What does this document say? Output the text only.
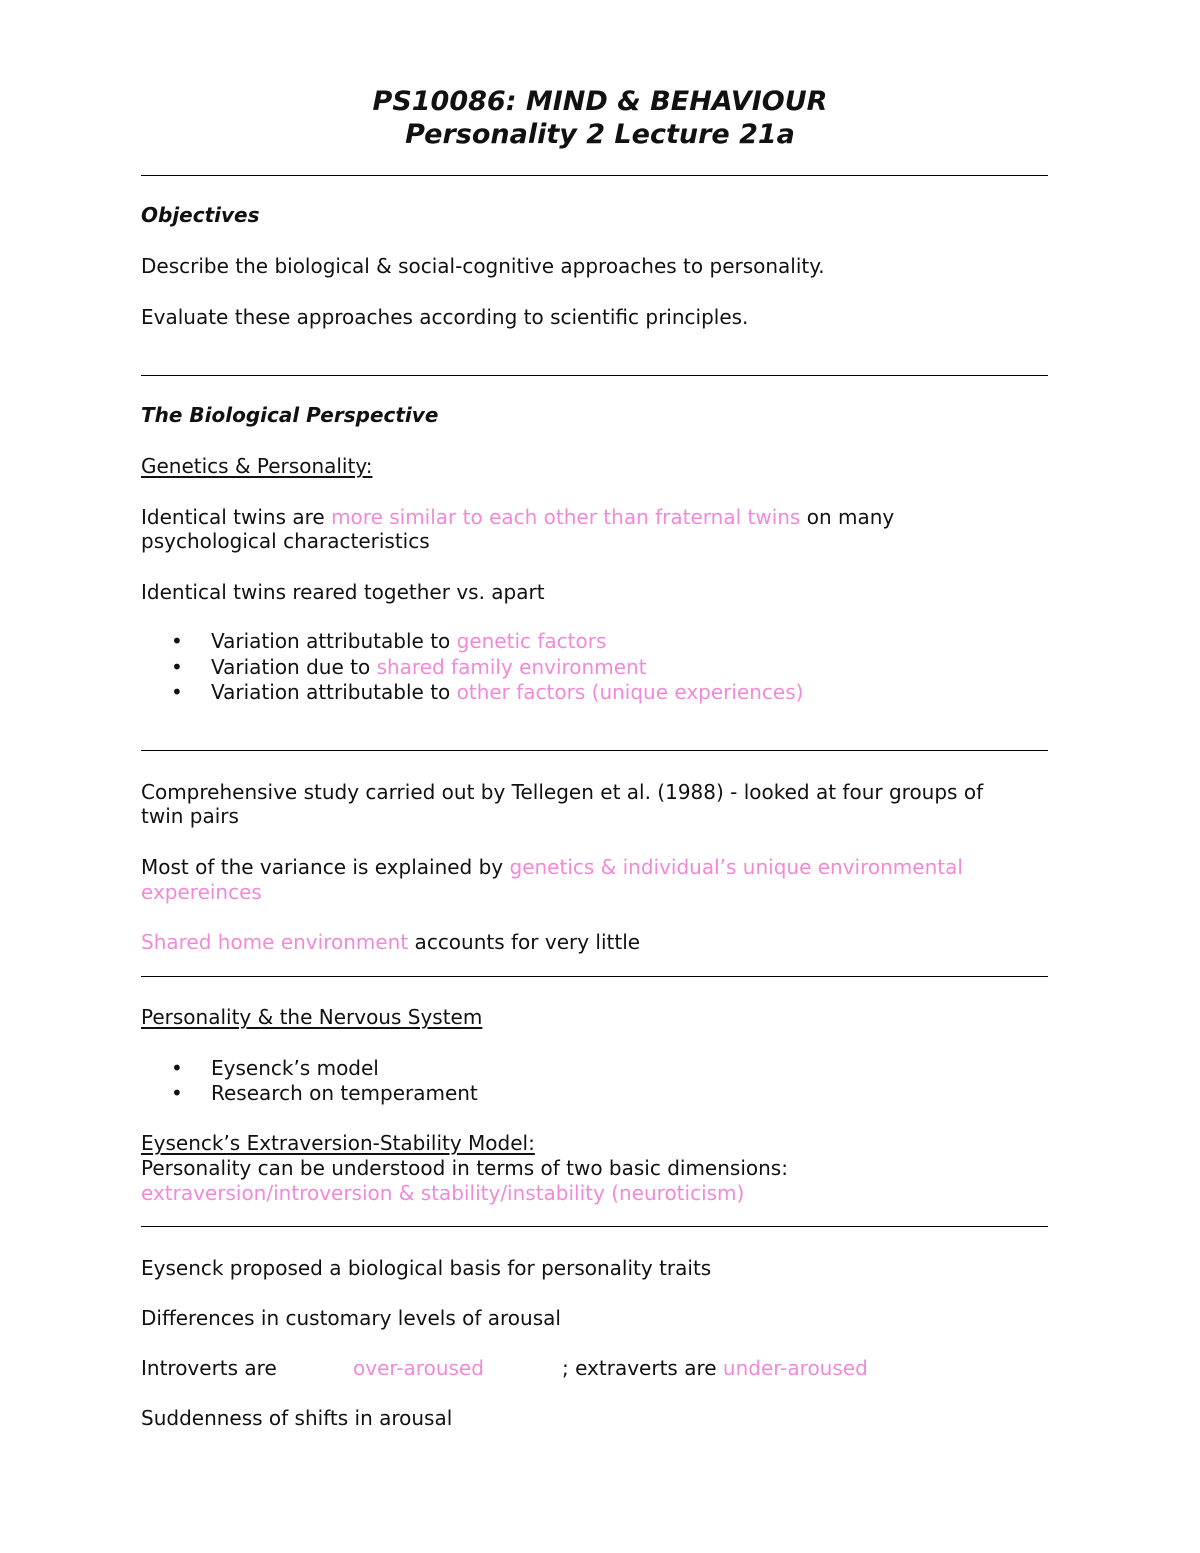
PS10086: MIND & BEHAVIOUR
Personality 2 Lecture 21a
Objectives
Describe the biological & social-cognitive approaches to personality.
Evaluate these approaches according to scientific principles.
The Biological Perspective
Genetics & Personality:
Identical twins are more similar to each other than fraternal twins on many
psychological characteristics
Identical twins reared together vs. apart
• Variation attributable to genetic factors
• Variation due to shared family environment
• Variation attributable to other factors (unique experiences)
Comprehensive study carried out by Tellegen et al. (1988) - looked at four groups of
twin pairs
Most of the variance is explained by genetics & individual’s unique environmental
expereinces
Shared home environment accounts for very little
Personality & the Nervous System
• Eysenck’s model
• Research on temperament
Eysenck’s Extraversion-Stability Model:
Personality can be understood in terms of two basic dimensions:
extraversion/introversion & stability/instability (neuroticism)
Eysenck proposed a biological basis for personality traits
Differences in customary levels of arousal
Introverts are	over-aroused	; extraverts are under-aroused
Suddenness of shifts in arousal
